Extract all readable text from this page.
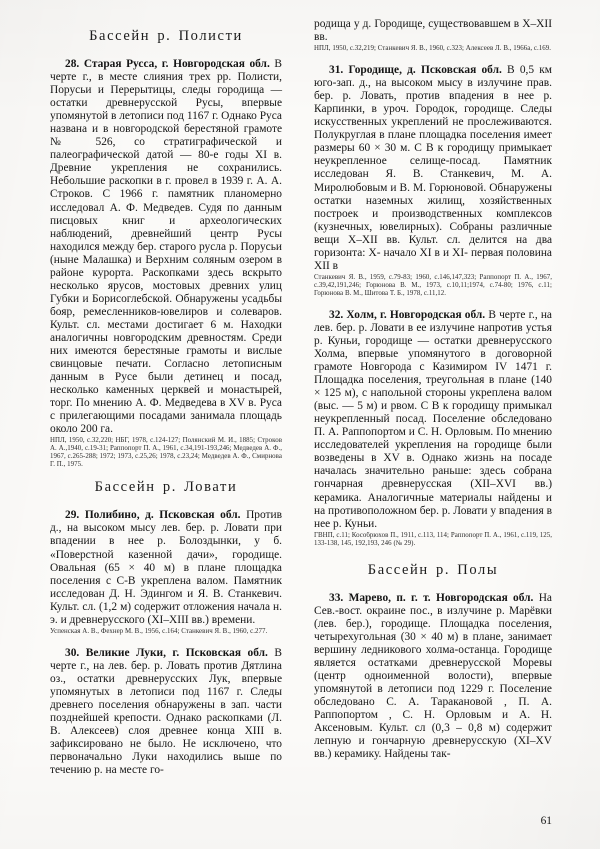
Бассейн р. Полисти

28. Старая Русса, г. Новгородская обл. В черте г., в месте слияния трех рр. Полисти, Порусьи и Перерытицы, следы городища — остатки древнерусской Русы, впервые упомянутой в летописи под 1167 г. Однако Руса названа и в новгородской берестяной грамоте № 526, со стратиграфической и палеографической датой — 80-е годы XI в. Древние укрепления не сохранились. Небольшие раскопки в г. провел в 1939 г. А. А. Строков. С 1966 г. памятник планомерно исследовал А. Ф. Медведев. Судя по данным писцовых книг и археологических наблюдений, древнейший центр Русы находился между бер. старого русла р. Порусьи (ныне Малашка) и Верхним соляным озером в районе курорта. Раскопками здесь вскрыто несколько ярусов, мостовых древних улиц Губки и Борисоглебской. Обнаружены усадьбы бояр, ремесленников-ювелиров и солеваров. Культ. сл. местами достигает 6 м. Находки аналогичны новгородским древностям. Среди них имеются берестяные грамоты и вислые свинцовые печати. Согласно летописным данным в Русе были детинец и посад, несколько каменных церквей и монастырей, торг. По мнению А. Ф. Медведева в XV в. Руса с прилегающими посадами занимала площадь около 200 га.

НПЛ, 1950, с.32,220; НБГ, 1978, с.124-127; Полянский М. И., 1885; Строков А. А.,1940, с.19-31; Раппопорт П. А., 1961, с.34,191-193,246; Медведев А. Ф., 1967, с.265-288; 1972; 1973, с.25,26; 1978, с.23,24; Медведев А. Ф., Смирнова Г. П., 1975.

Бассейн р. Ловати

29. Полибино, д. Псковская обл. Против д., на высоком мысу лев. бер. р. Ловати при впадении в нее р. Болоздынки, у б. «Поверстной казенной дачи», городище. Овальная (65 × 40 м) в плане площадка поселения с C-В укреплена валом. Памятник исследован Д. Н. Эдингом и Я. В. Станкевич. Культ. сл. (1,2 м) содержит отложения начала н. э. и древнерусского (XI–XIII вв.) времени.

Успенская А. В., Фехнер М. В., 1956, с.164; Станкевич Я. В., 1960, с.277.

30. Великие Луки, г. Псковская обл. В черте г., на лев. бер. р. Ловать против Дятлина оз., остатки древнерусских Лук, впервые упомянутых в летописи под 1167 г. Следы древнего поселения обнаружены в зап. части позднейшей крепости. Однако раскопками (Л. В. Алексеев) слоя древнее конца XIII в. зафиксировано не было. Не исключено, что первоначально Луки находились выше по течению р. на месте го-

родища у д. Городище, существовавшем в X–XII вв.

НПЛ, 1950, с.32,219; Станкевич Я. В., 1960, с.323; Алексеев Л. В., 1966а, с.169.

31. Городище, д. Псковская обл. В 0,5 км юго-зап. д., на высоком мысу в излучине прав. бер. р. Ловать, против впадения в нее р. Карпинки, в уроч. Городок, городище. Следы искусственных укреплений не прослеживаются. Полукруглая в плане площадка поселения имеет размеры 60 × 30 м. С В к городищу примыкает неукрепленное селище-посад. Памятник исследован Я. В. Станкевич, М. А. Миролюбовым и В. М. Горюновой. Обнаружены остатки наземных жилищ, хозяйственных построек и производственных комплексов (кузнечных, ювелирных). Собраны различные вещи X–XII вв. Культ. сл. делится на два горизонта: X- начало XI в и XI- первая половина XII в

Станкевич Я. В., 1959, с.79-83; 1960, с.146,147,323; Раппопорт П. А., 1967, с.39,42,191,246; Горюнова В. М., 1973, с.10,11;1974, с.74-80; 1976, с.11; Горюнова В. М., Шитова Т. Б., 1978, с.11,12.

32. Холм, г. Новгородская обл. В черте г., на лев. бер. р. Ловати в ее излучине напротив устья р. Куньи, городище — остатки древнерусского Холма, впервые упомянутого в договорной грамоте Новгорода с Казимиром IV 1471 г. Площадка поселения, треугольная в плане (140 × 125 м), с напольной стороны укреплена валом (выс. — 5 м) и рвом. С В к городищу примыкал неукрепленный посад. Поселение обследовано П. А. Раппопортом и С. Н. Орловым. По мнению исследователей укрепления на городище были возведены в XV в. Однако жизнь на посаде началась значительно раньше: здесь собрана гончарная древнерусская (XII–XVI вв.) керамика. Аналогичные материалы найдены и на противоположном бер. р. Ловати у впадения в нее р. Куньи.

ГВНП, с.11; Кособрюхов П., 1911, с.113, 114; Раппопорт П. А., 1961, с.119, 125, 133-138, 145, 192,193, 246 (№ 29).

Бассейн р. Полы

33. Марево, п. г. т. Новгородская обл. На Сев.-вост. окраине пос., в излучине р. Марёвки (лев. бер.), городище. Площадка поселения, четырехугольная (30 × 40 м) в плане, занимает вершину ледникового холма-останца. Городище является остатками древнерусской Моревы (центр одноименной волости), впервые упомянутой в летописи под 1229 г. Поселение обследовано С. А. Таракановой , П. А. Раппопортом , С. Н. Орловым и А. Н. Аксеновым. Культ. сл (0,3 – 0,8 м) содержит лепную и гончарную древнерусскую (XI–XV вв.) керамику. Найдены так-

61
